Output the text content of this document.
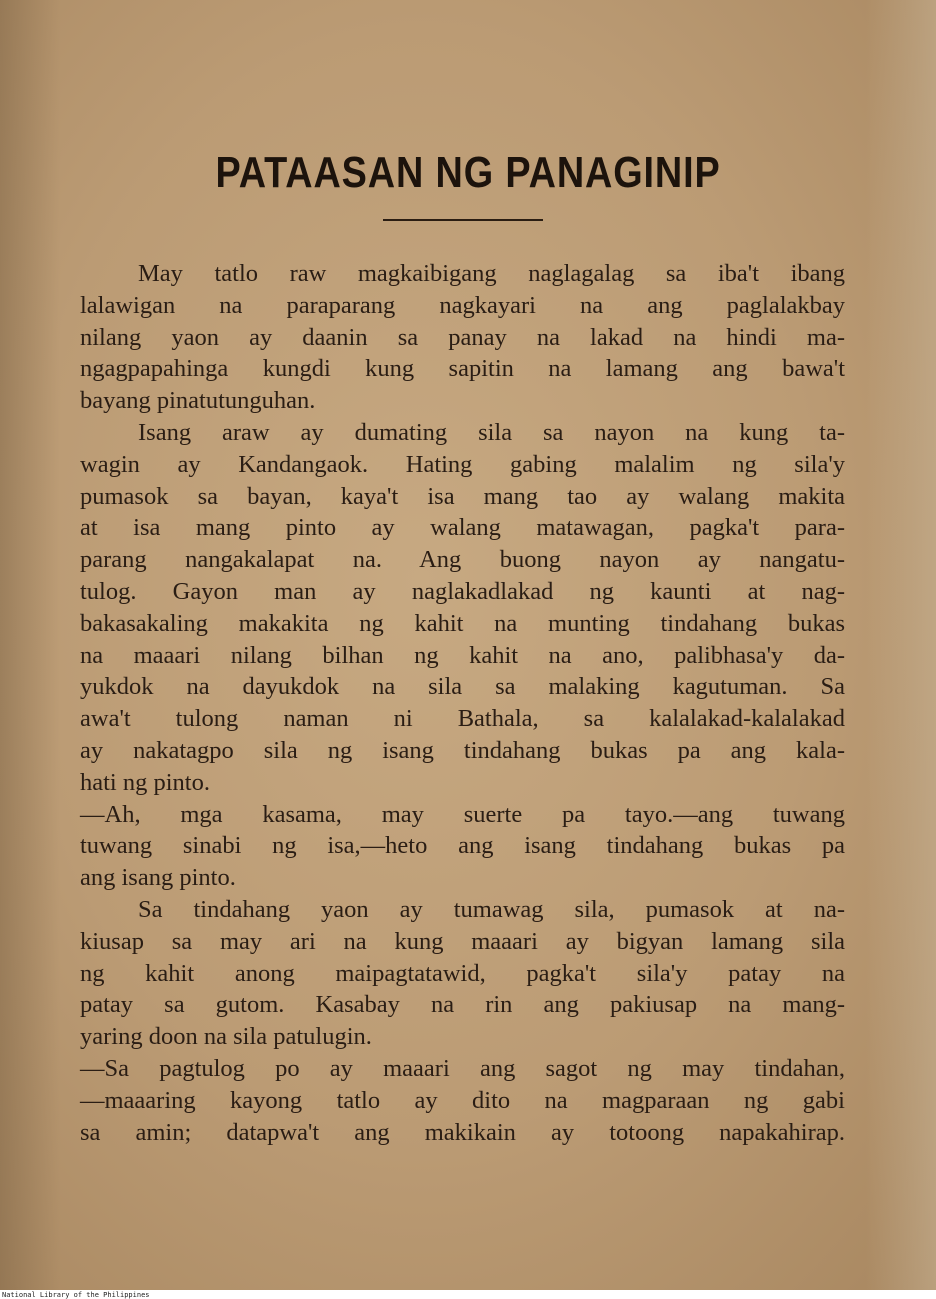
PATAASAN NG PANAGINIP
May tatlo raw magkaibigang naglagalag sa iba't ibang
lalawigan na paraparang nagkayari na ang paglalakbay
nilang yaon ay daanin sa panay na lakad na hindi ma-
ngagpapahinga kungdi kung sapitin na lamang ang bawa't
bayang pinatutunguhan.
Isang araw ay dumating sila sa nayon na kung ta-
wagin ay Kandangaok. Hating gabing malalim ng sila'y
pumasok sa bayan, kaya't isa mang tao ay walang makita
at isa mang pinto ay walang matawagan, pagka't para-
parang nangakalapat na. Ang buong nayon ay nangatu-
tulog. Gayon man ay naglakadlakad ng kaunti at nag-
bakasakaling makakita ng kahit na munting tindahang bukas
na maaari nilang bilhan ng kahit na ano, palibhasa'y da-
yukdok na dayukdok na sila sa malaking kagutuman. Sa
awa't tulong naman ni Bathala, sa kalalakad-kalalakad
ay nakatagpo sila ng isang tindahang bukas pa ang kala-
hati ng pinto.
—Ah, mga kasama, may suerte pa tayo.—ang tuwang
tuwang sinabi ng isa,—heto ang isang tindahang bukas pa
ang isang pinto.
Sa tindahang yaon ay tumawag sila, pumasok at na-
kiusap sa may ari na kung maaari ay bigyan lamang sila
ng kahit anong maipagtatawid, pagka't sila'y patay na
patay sa gutom. Kasabay na rin ang pakiusap na mang-
yaring doon na sila patulugin.
—Sa pagtulog po ay maaari ang sagot ng may tindahan,
—maaaring kayong tatlo ay dito na magparaan ng gabi
sa amin; datapwa't ang makikain ay totoong napakahirap.
National Library of the Philippines
